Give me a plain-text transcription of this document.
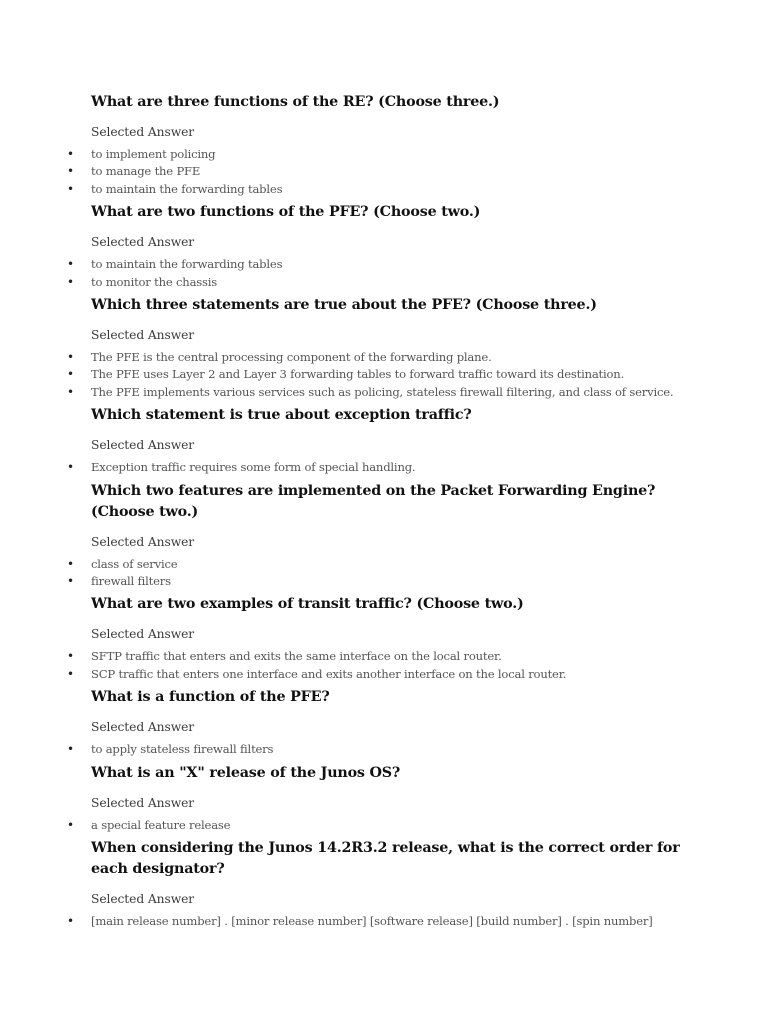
What are three functions of the RE? (Choose three.)

Selected Answer

• to implement policing
• to manage the PFE
• to maintain the forwarding tables

What are two functions of the PFE? (Choose two.)

Selected Answer

• to maintain the forwarding tables
• to monitor the chassis

Which three statements are true about the PFE? (Choose three.)

Selected Answer

• The PFE is the central processing component of the forwarding plane.
• The PFE uses Layer 2 and Layer 3 forwarding tables to forward traffic toward its destination.
• The PFE implements various services such as policing, stateless firewall filtering, and class of service.

Which statement is true about exception traffic?

Selected Answer

• Exception traffic requires some form of special handling.

Which two features are implemented on the Packet Forwarding Engine? (Choose two.)

Selected Answer

• class of service
• firewall filters

What are two examples of transit traffic? (Choose two.)

Selected Answer

• SFTP traffic that enters and exits the same interface on the local router.
• SCP traffic that enters one interface and exits another interface on the local router.

What is a function of the PFE?

Selected Answer

• to apply stateless firewall filters

What is an "X" release of the Junos OS?

Selected Answer

• a special feature release

When considering the Junos 14.2R3.2 release, what is the correct order for each designator?

Selected Answer

• [main release number] . [minor release number] [software release] [build number] . [spin number]
